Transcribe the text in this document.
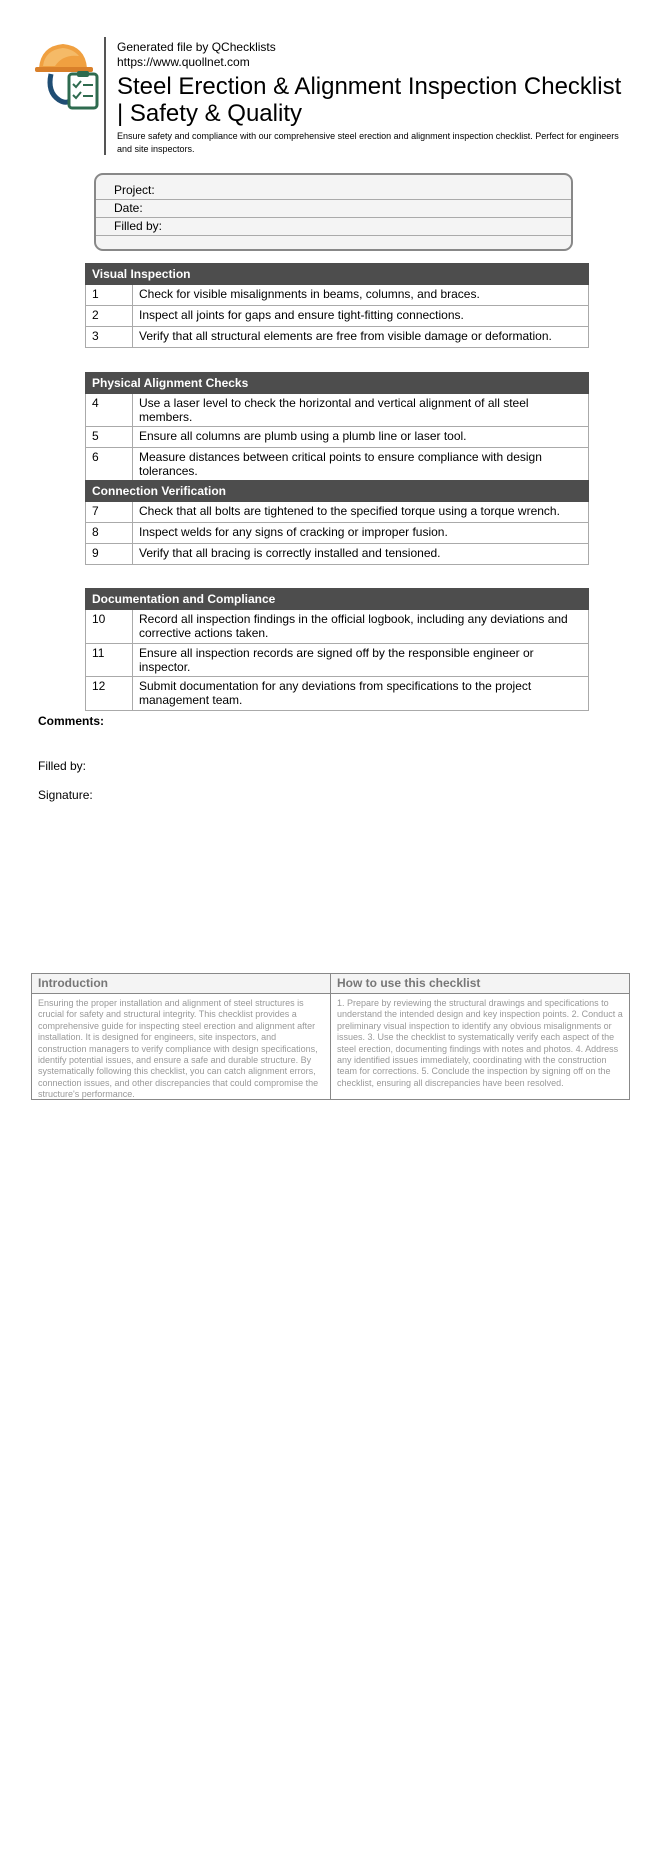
Generated file by QChecklists
https://www.quollnet.com
Steel Erection & Alignment Inspection Checklist | Safety & Quality
Ensure safety and compliance with our comprehensive steel erection and alignment inspection checklist. Perfect for engineers and site inspectors.
Project:
Date:
Filled by:
Visual Inspection	
1	Check for visible misalignments in beams, columns, and braces.
2	Inspect all joints for gaps and ensure tight-fitting connections.
3	Verify that all structural elements are free from visible damage or deformation.
Physical Alignment Checks	
4	Use a laser level to check the horizontal and vertical alignment of all steel members.
5	Ensure all columns are plumb using a plumb line or laser tool.
6	Measure distances between critical points to ensure compliance with design tolerances.
Connection Verification	
7	Check that all bolts are tightened to the specified torque using a torque wrench.
8	Inspect welds for any signs of cracking or improper fusion.
9	Verify that all bracing is correctly installed and tensioned.
Documentation and Compliance	
10	Record all inspection findings in the official logbook, including any deviations and corrective actions taken.
11	Ensure all inspection records are signed off by the responsible engineer or inspector.
12	Submit documentation for any deviations from specifications to the project management team.
Comments:
Filled by:
Signature:
Introduction
Ensuring the proper installation and alignment of steel structures is crucial for safety and structural integrity. This checklist provides a comprehensive guide for inspecting steel erection and alignment after installation. It is designed for engineers, site inspectors, and construction managers to verify compliance with design specifications, identify potential issues, and ensure a safe and durable structure. By systematically following this checklist, you can catch alignment errors, connection issues, and other discrepancies that could compromise the structure's performance.
How to use this checklist
1. Prepare by reviewing the structural drawings and specifications to understand the intended design and key inspection points. 2. Conduct a preliminary visual inspection to identify any obvious misalignments or issues. 3. Use the checklist to systematically verify each aspect of the steel erection, documenting findings with notes and photos. 4. Address any identified issues immediately, coordinating with the construction team for corrections. 5. Conclude the inspection by signing off on the checklist, ensuring all discrepancies have been resolved.
